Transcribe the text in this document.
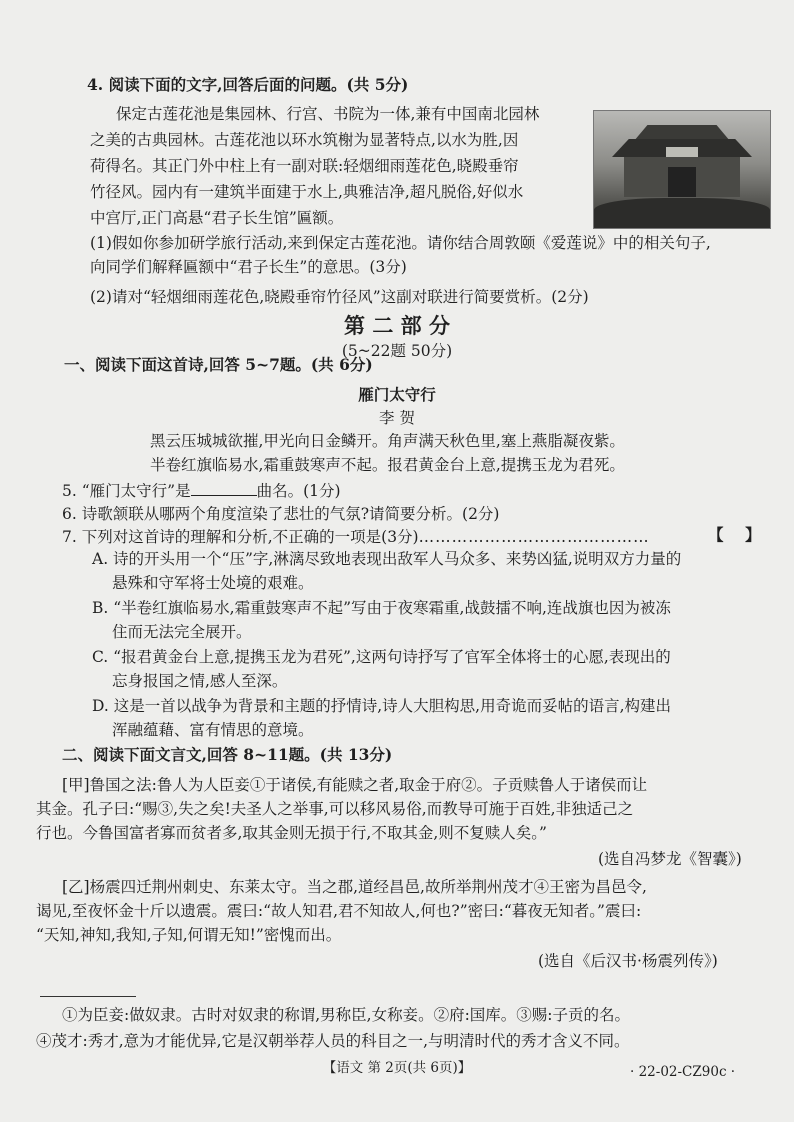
4. 阅读下面的文字,回答后面的问题。(共 5分)
保定古莲花池是集园林、行宫、书院为一体,兼有中国南北园林
之美的古典园林。古莲花池以环水筑榭为显著特点,以水为胜,因
荷得名。其正门外中柱上有一副对联:轻烟细雨莲花色,晓殿垂帘
竹径风。园内有一建筑半面建于水上,典雅洁净,超凡脱俗,好似水
中宫厅,正门高悬“君子长生馆”匾额。
(1)假如你参加研学旅行活动,来到保定古莲花池。请你结合周敦颐《爱莲说》中的相关句子,
向同学们解释匾额中“君子长生”的意思。(3分)
(2)请对“轻烟细雨莲花色,晓殿垂帘竹径风”这副对联进行简要赏析。(2分)
第 二 部 分
(5~22题 50分)
一、阅读下面这首诗,回答 5~7题。(共 6分)
雁门太守行
李 贺
黑云压城城欲摧,甲光向日金鳞开。角声满天秋色里,塞上燕脂凝夜紫。
半卷红旗临易水,霜重鼓寒声不起。报君黄金台上意,提携玉龙为君死。
5. “雁门太守行”是	曲名。(1分)
6. 诗歌颔联从哪两个角度渲染了悲壮的气氛?请简要分析。(2分)
7. 下列对这首诗的理解和分析,不正确的一项是(3分)……………………………………	【 】
A. 诗的开头用一个“压”字,淋漓尽致地表现出敌军人马众多、来势凶猛,说明双方力量的
悬殊和守军将士处境的艰难。
B. “半卷红旗临易水,霜重鼓寒声不起”写由于夜寒霜重,战鼓擂不响,连战旗也因为被冻
住而无法完全展开。
C. “报君黄金台上意,提携玉龙为君死”,这两句诗抒写了官军全体将士的心愿,表现出的
忘身报国之情,感人至深。
D. 这是一首以战争为背景和主题的抒情诗,诗人大胆构思,用奇诡而妥帖的语言,构建出
浑融蕴藉、富有情思的意境。
二、阅读下面文言文,回答 8~11题。(共 13分)
[甲]鲁国之法:鲁人为人臣妾①于诸侯,有能赎之者,取金于府②。子贡赎鲁人于诸侯而让
其金。孔子曰:“赐③,失之矣!夫圣人之举事,可以移风易俗,而教导可施于百姓,非独适己之
行也。今鲁国富者寡而贫者多,取其金则无损于行,不取其金,则不复赎人矣。”
(选自冯梦龙《智囊》)
[乙]杨震四迁荆州刺史、东莱太守。当之郡,道经昌邑,故所举荆州茂才④王密为昌邑令,
谒见,至夜怀金十斤以遗震。震曰:“故人知君,君不知故人,何也?”密曰:“暮夜无知者。”震曰:
“天知,神知,我知,子知,何谓无知!”密愧而出。
(选自《后汉书·杨震列传》)
①为臣妾:做奴隶。古时对奴隶的称谓,男称臣,女称妾。②府:国库。③赐:子贡的名。
④茂才:秀才,意为才能优异,它是汉朝举荐人员的科目之一,与明清时代的秀才含义不同。
【语文 第 2页(共 6页)】	· 22-02-CZ90c ·
